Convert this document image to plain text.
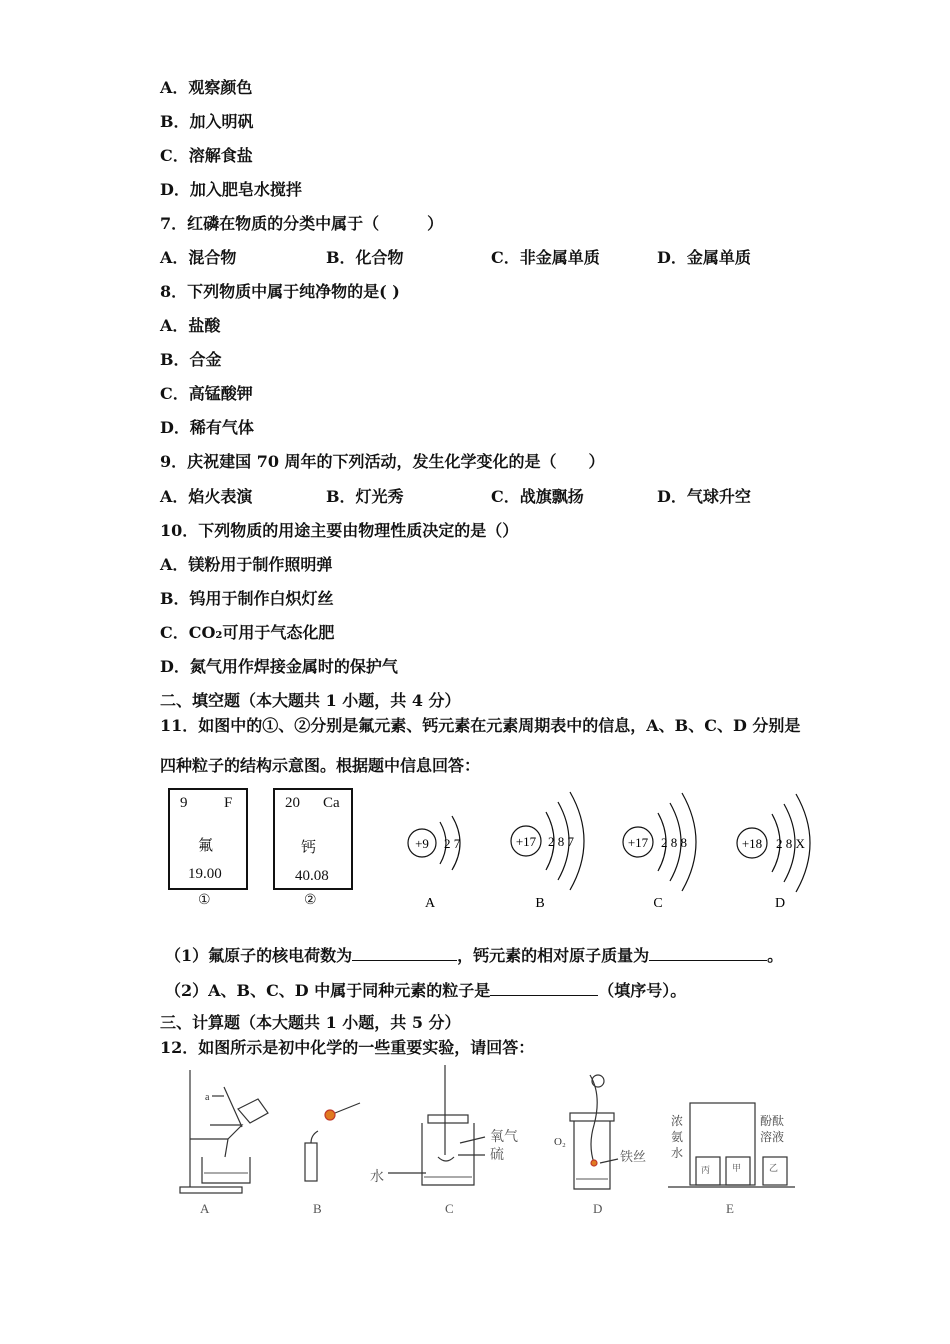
A．观察颜色
B．加入明矾
C．溶解食盐
D．加入肥皂水搅拌
7．红磷在物质的分类中属于（　　　）
A．混合物	B．化合物	C．非金属单质	D．金属单质
8．下列物质中属于纯净物的是( )
A．盐酸
B．合金
C．高锰酸钾
D．稀有气体
9．庆祝建国 70 周年的下列活动，发生化学变化的是（　　）
A．焰火表演	B．灯光秀	C．战旗飘扬	D．气球升空
10．下列物质的用途主要由物理性质决定的是（）
A．镁粉用于制作照明弹
B．钨用于制作白炽灯丝
C．CO₂可用于气态化肥
D．氮气用作焊接金属时的保护气
二、填空题（本大题共 1 小题，共 4 分）
11．如图中的①、②分别是氟元素、钙元素在元素周期表中的信息，A、B、C、D 分别是
四种粒子的结构示意图。根据题中信息回答：
9 F
氟
19.00
①
20 Ca
钙
40.08
②
+9 2 7
A
+17 2 8 7
B
+17 2 8 8
C
+18 2 8 X
D
（1）氟原子的核电荷数为	，钙元素的相对原子质量为	。
（2）A、B、C、D 中属于同种元素的粒子是	（填序号）。
三、计算题（本大题共 1 小题，共 5 分）
12．如图所示是初中化学的一些重要实验，请回答：
a
氧气
硫
水
O₂
铁丝
丙 甲	乙
浓
氨
水
酚酞
溶液
A	B	C	D	E
